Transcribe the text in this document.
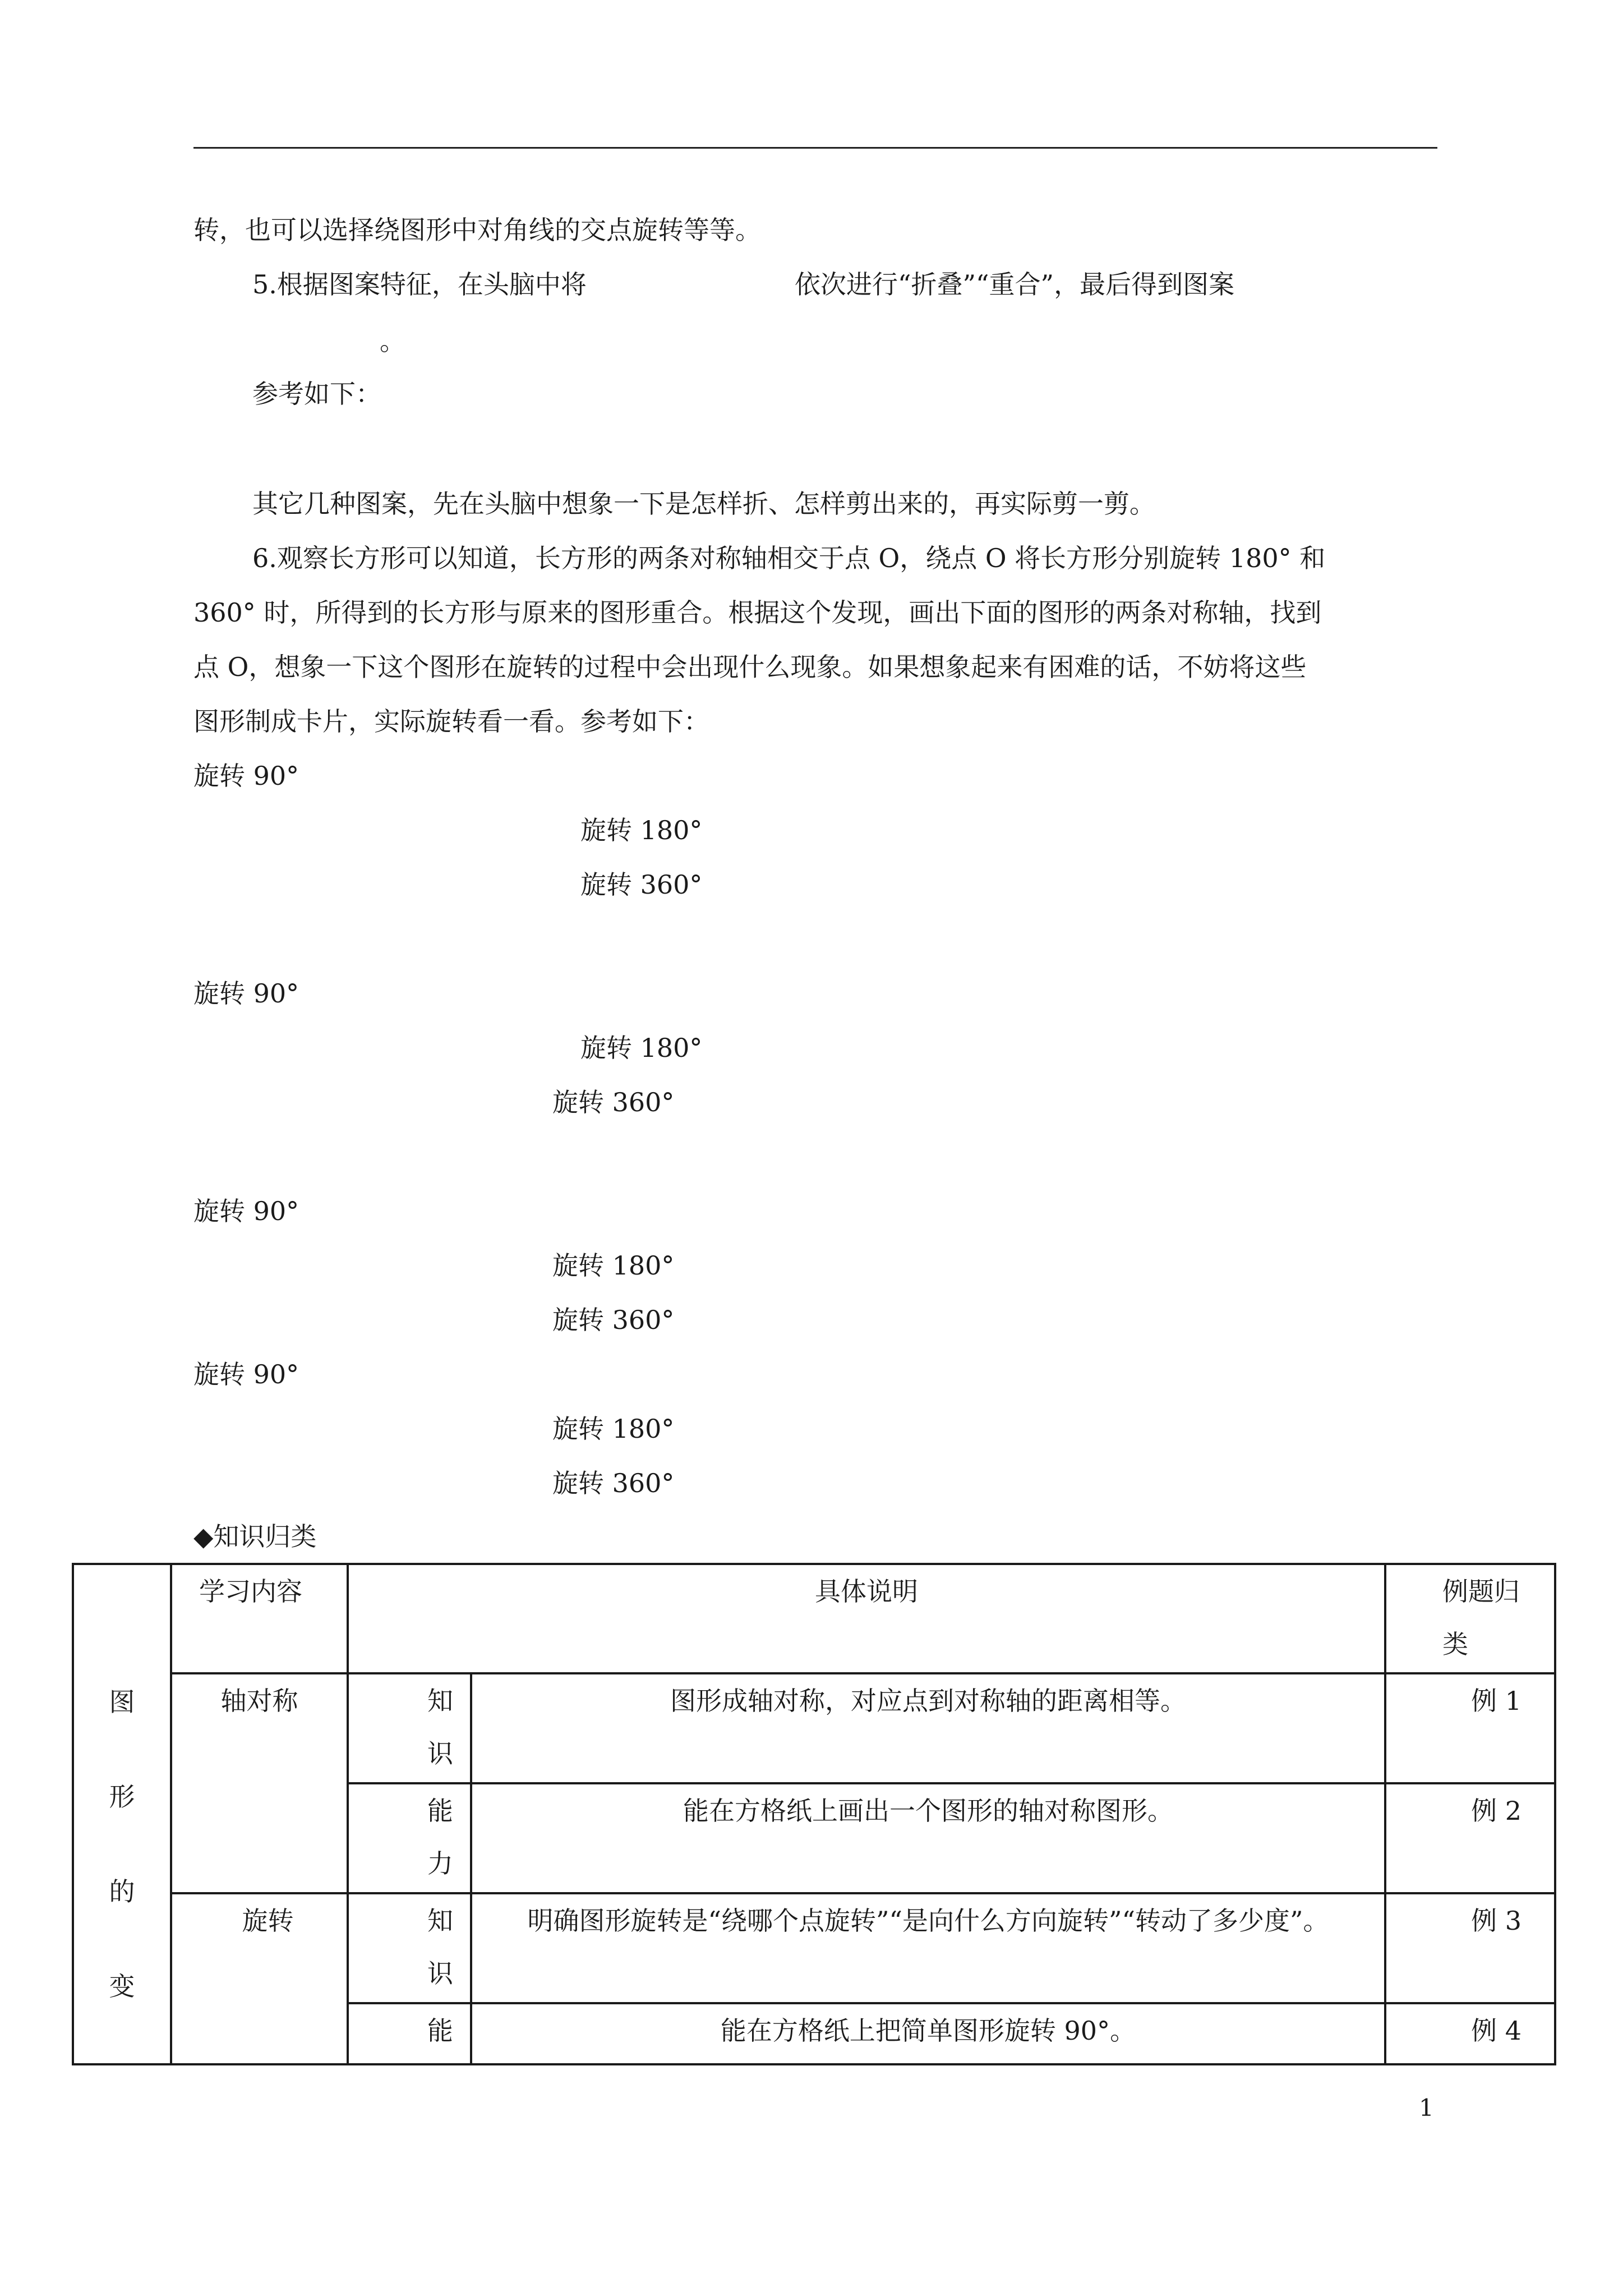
转，也可以选择绕图形中对角线的交点旋转等等。
5.根据图案特征，在头脑中将	依次进行“折叠”“重合”，最后得到图案
。
参考如下：
其它几种图案，先在头脑中想象一下是怎样折、怎样剪出来的，再实际剪一剪。
6.观察长方形可以知道，长方形的两条对称轴相交于点 O，绕点 O 将长方形分别旋转 180° 和
360° 时，所得到的长方形与原来的图形重合。根据这个发现，画出下面的图形的两条对称轴，找到
点 O，想象一下这个图形在旋转的过程中会出现什么现象。如果想象起来有困难的话，不妨将这些
图形制成卡片，实际旋转看一看。参考如下：
旋转 90°
旋转 180°
旋转 360°
旋转 90°
旋转 180°
旋转 360°
旋转 90°
旋转 180°
旋转 360°
旋转 90°
旋转 180°
旋转 360°
◆知识归类
图
形
的
变	学习内容	具体说明		例题归类
	轴对称	知识	图形成轴对称，对应点到对称轴的距离相等。	例 1
		能力	能在方格纸上画出一个图形的轴对称图形。	例 2
	旋转	知识	明确图形旋转是“绕哪个点旋转”“是向什么方向旋转”“转动了多少度”。	例 3
		能	能在方格纸上把简单图形旋转 90°。	例 4
1
